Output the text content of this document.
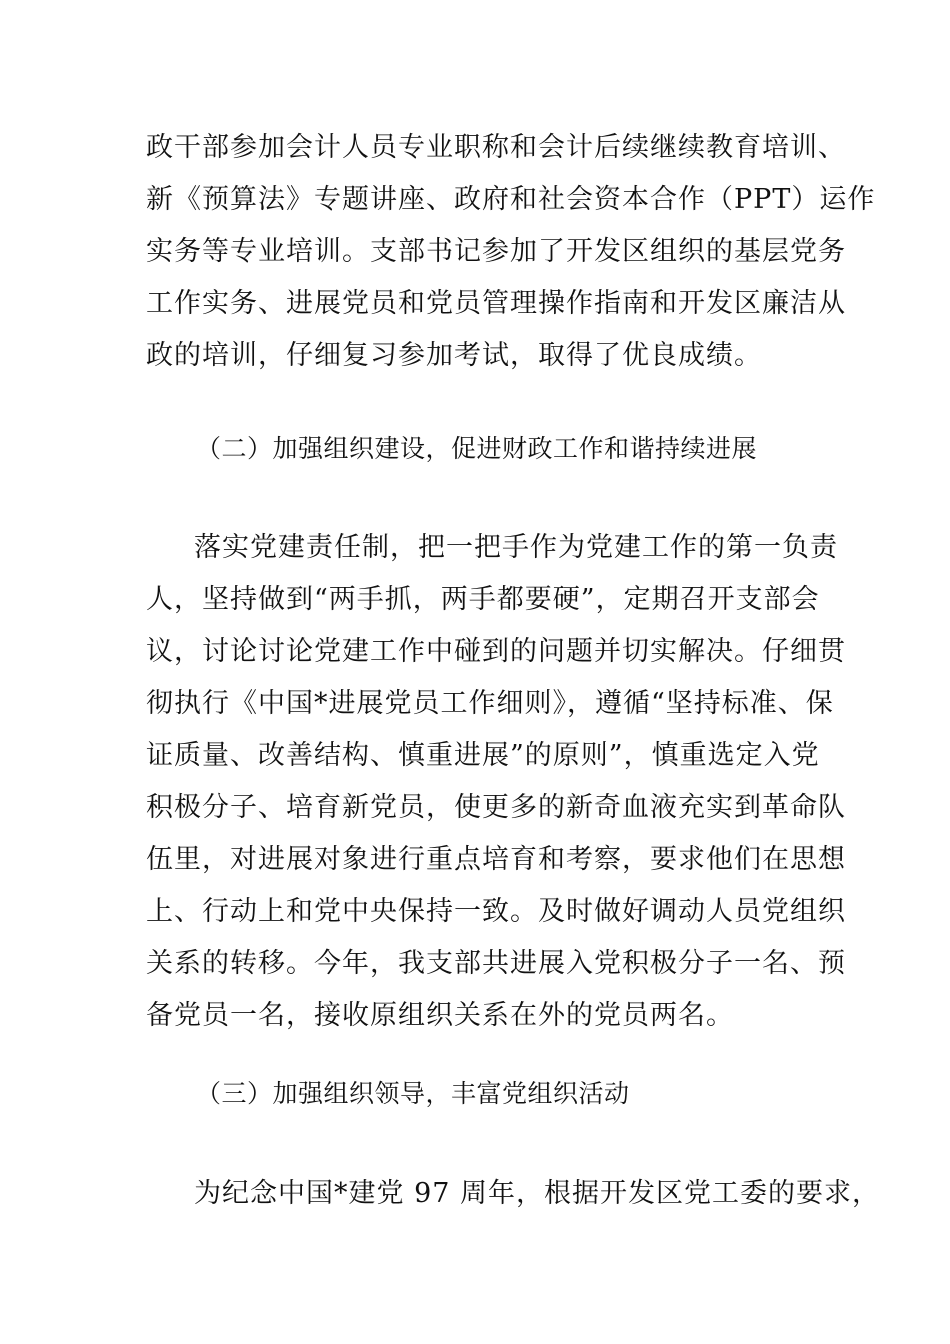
政干部参加会计人员专业职称和会计后续继续教育培训、
新《预算法》专题讲座、政府和社会资本合作（PPT）运作
实务等专业培训。支部书记参加了开发区组织的基层党务
工作实务、进展党员和党员管理操作指南和开发区廉洁从
政的培训，仔细复习参加考试，取得了优良成绩。
（二）加强组织建设，促进财政工作和谐持续进展
落实党建责任制，把一把手作为党建工作的第一负责
人，坚持做到“两手抓，两手都要硬”，定期召开支部会
议，讨论讨论党建工作中碰到的问题并切实解决。仔细贯
彻执行《中国*进展党员工作细则》，遵循“坚持标准、保
证质量、改善结构、慎重进展”的原则”，慎重选定入党
积极分子、培育新党员，使更多的新奇血液充实到革命队
伍里，对进展对象进行重点培育和考察，要求他们在思想
上、行动上和党中央保持一致。及时做好调动人员党组织
关系的转移。今年，我支部共进展入党积极分子一名、预
备党员一名，接收原组织关系在外的党员两名。
（三）加强组织领导，丰富党组织活动
为纪念中国*建党 97 周年，根据开发区党工委的要求，
